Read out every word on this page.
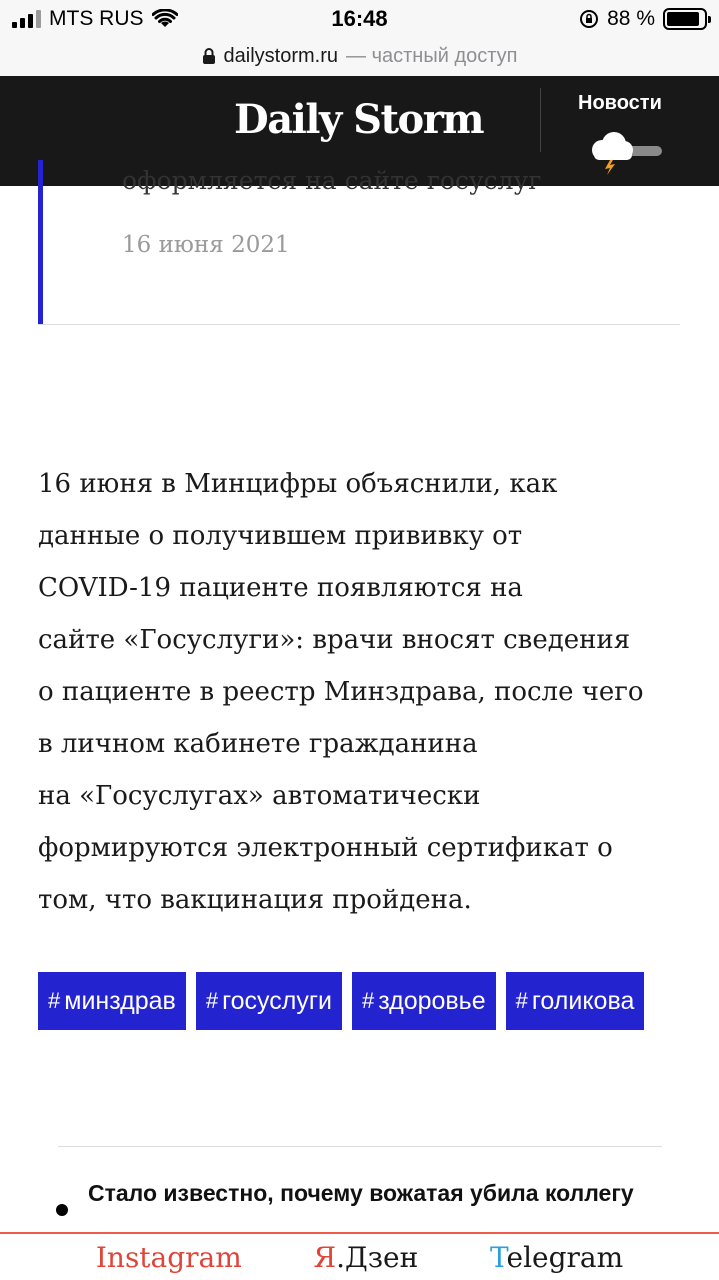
MTS RUS	16:48	88 %
dailystorm.ru — частный доступ
Daily Storm	Новости
оформляется на сайте госуслуг
16 июня 2021
16 июня в Минцифры объяснили, как
данные о получившем прививку от
COVID-19 пациенте появляются на
сайте «Госуслуги»: врачи вносят сведения
о пациенте в реестр Минздрава, после чего
в личном кабинете гражданина
на «Госуслугах» автоматически
формируются электронный сертификат о
том, что вакцинация пройдена.
# минздрав # госуслуги # здоровье # голикова
Стало известно, почему вожатая убила коллегу
Instagram	Я.Дзен	Telegram
